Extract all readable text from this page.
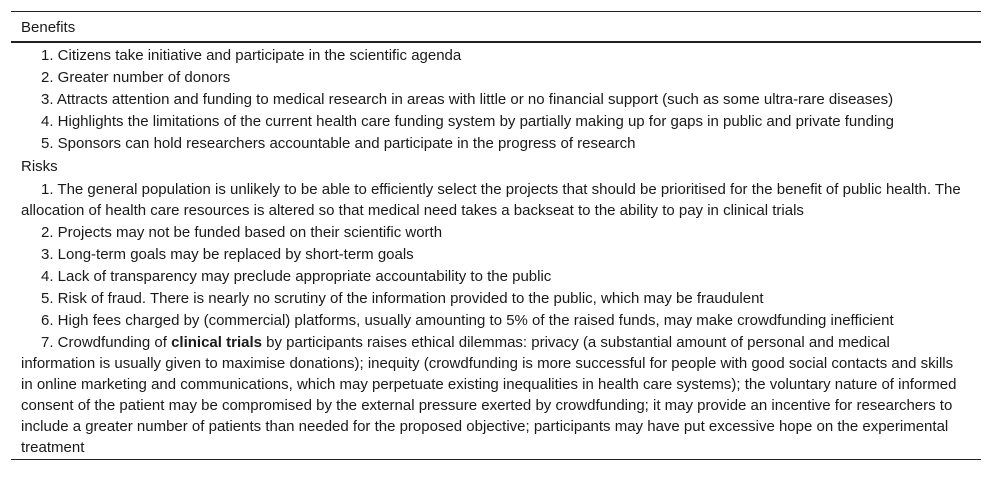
Benefits
1. Citizens take initiative and participate in the scientific agenda
2. Greater number of donors
3. Attracts attention and funding to medical research in areas with little or no financial support (such as some ultra-rare diseases)
4. Highlights the limitations of the current health care funding system by partially making up for gaps in public and private funding
5. Sponsors can hold researchers accountable and participate in the progress of research
Risks
1. The general population is unlikely to be able to efficiently select the projects that should be prioritised for the benefit of public health. The allocation of health care resources is altered so that medical need takes a backseat to the ability to pay in clinical trials
2. Projects may not be funded based on their scientific worth
3. Long-term goals may be replaced by short-term goals
4. Lack of transparency may preclude appropriate accountability to the public
5. Risk of fraud. There is nearly no scrutiny of the information provided to the public, which may be fraudulent
6. High fees charged by (commercial) platforms, usually amounting to 5% of the raised funds, may make crowdfunding inefficient
7. Crowdfunding of clinical trials by participants raises ethical dilemmas: privacy (a substantial amount of personal and medical information is usually given to maximise donations); inequity (crowdfunding is more successful for people with good social contacts and skills in online marketing and communications, which may perpetuate existing inequalities in health care systems); the voluntary nature of informed consent of the patient may be compromised by the external pressure exerted by crowdfunding; it may provide an incentive for researchers to include a greater number of patients than needed for the proposed objective; participants may have put excessive hope on the experimental treatment
